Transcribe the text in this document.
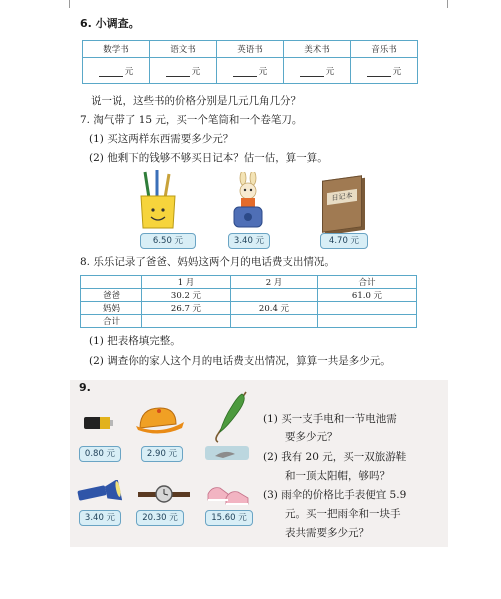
6. 小调查。
数学书	语文书	英语书	美术书	音乐书
元	元	元	元	元
说一说，这些书的价格分别是几元几角几分？
7. 淘气带了 15 元，买一个笔筒和一个卷笔刀。
(1) 买这两样东西需要多少元？
(2) 他剩下的钱够不够买日记本？估一估，算一算。
日记本
6.50 元	3.40 元	4.70 元
8. 乐乐记录了爸爸、妈妈这两个月的电话费支出情况。
	1 月	2 月	合计
爸爸	30.2 元		61.0 元
妈妈	26.7 元	20.4 元	
合计			
(1) 把表格填完整。
(2) 调查你的家人这个月的电话费支出情况，算算一共是多少元。
9.
0.80 元	2.90 元
3.40 元	20.30 元	15.60 元
(1) 买一支手电和一节电池需
要多少元？
(2) 我有 20 元，买一双旅游鞋
和一顶太阳帽，够吗？
(3) 雨伞的价格比手表便宜 5.9
元。买一把雨伞和一块手
表共需要多少元？
